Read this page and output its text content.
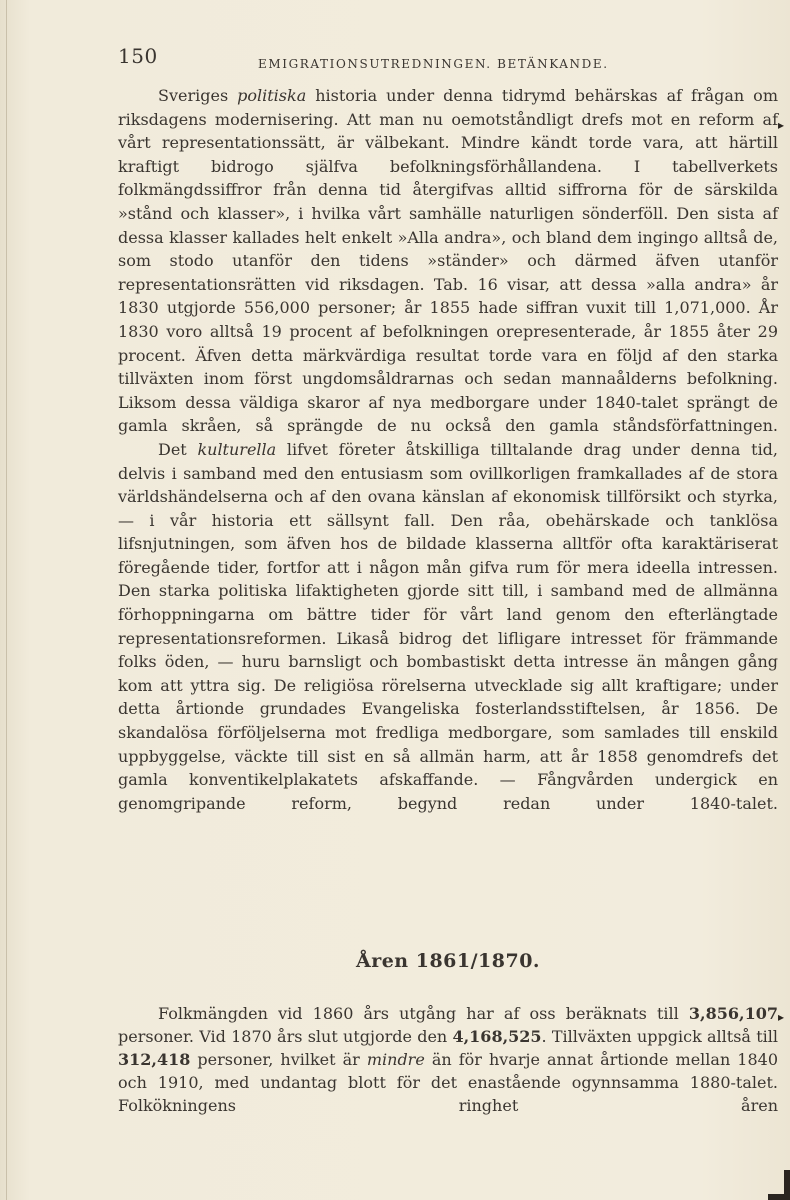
150	EMIGRATIONSUTREDNINGEN. BETÄNKANDE.

Sveriges politiska historia under denna tidrymd behärskas af frågan om riksdagens modernisering. Att man nu oemotståndligt drefs mot en reform af vårt representationssätt, är välbekant. Mindre kändt torde vara, att härtill kraftigt bidrogo själfva befolkningsförhållandena. I tabellverkets folkmängdssiffror från denna tid återgifvas alltid siffrorna för de särskilda »stånd och klasser», i hvilka vårt samhälle naturligen sönderföll. Den sista af dessa klasser kallades helt enkelt »Alla andra», och bland dem ingingo alltså de, som stodo utanför den tidens »ständer» och därmed äfven utanför representationsrätten vid riksdagen. Tab. 16 visar, att dessa »alla andra» år 1830 utgjorde 556,000 personer; år 1855 hade siffran vuxit till 1,071,000. År 1830 voro alltså 19 procent af befolkningen orepresenterade, år 1855 åter 29 procent. Äfven detta märkvärdiga resultat torde vara en följd af den starka tillväxten inom först ungdomsåldrarnas och sedan mannaålderns befolkning. Liksom dessa väldiga skaror af nya medborgare under 1840-talet sprängt de gamla skråen, så sprängde de nu också den gamla ståndsförfattningen.

Det kulturella lifvet företer åtskilliga tilltalande drag under denna tid, delvis i samband med den entusiasm som ovillkorligen framkallades af de stora världshändelserna och af den ovana känslan af ekonomisk tillförsikt och styrka, — i vår historia ett sällsynt fall. Den råa, obehärskade och tanklösa lifsnjutningen, som äfven hos de bildade klasserna alltför ofta karaktäriserat föregående tider, fortfor att i någon mån gifva rum för mera ideella intressen. Den starka politiska lifaktigheten gjorde sitt till, i samband med de allmänna förhoppningarna om bättre tider för vårt land genom den efterlängtade representationsreformen. Likaså bidrog det lifligare intresset för främmande folks öden, — huru barnsligt och bombastiskt detta intresse än mången gång kom att yttra sig. De religiösa rörelserna utvecklade sig allt kraftigare; under detta årtionde grundades Evangeliska fosterlandsstiftelsen, år 1856. De skandalösa förföljelserna mot fredliga medborgare, som samlades till enskild uppbyggelse, väckte till sist en så allmän harm, att år 1858 genomdrefs det gamla konventikelplakatets afskaffande. — Fångvården undergick en genomgripande reform, begynd redan under 1840-talet.

Åren 1861/1870.

Folkmängden vid 1860 års utgång har af oss beräknats till 3,856,107 personer. Vid 1870 års slut utgjorde den 4,168,525. Tillväxten uppgick alltså till 312,418 personer, hvilket är mindre än för hvarje annat årtionde mellan 1840 och 1910, med undantag blott för det enastående ogynnsamma 1880-talet. Folkökningens ringhet åren

▸
▸
